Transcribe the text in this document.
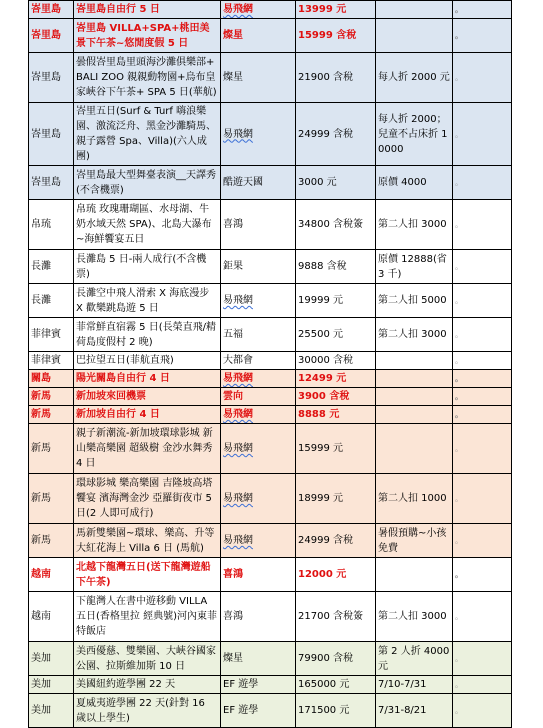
峇里島	峇里島自由行 5 日	易飛網	13999 元		。
峇里島	峇里島 VILLA+SPA+桃田美景下午茶~悠閒度假 5 日	燦星	15999 含稅		。
峇里島	曇假峇里島里頭海沙灘俱樂部+BALI ZOO 親親動物園+烏布皇家峽谷下午茶+ SPA 5 日(華航)	燦星	21900 含稅	每人折 2000 元	。
峇里島	峇里五日(Surf & Turf 嗨浪樂園、激流泛舟、黑金沙灘騎馬、親子露營 Spa、Villa)(六人成團)	易飛網	24999 含稅	每人折 2000；兒童不占床折 10000	。
峇里島	峇里島最大型舞臺表演__天譯秀(不含機票)	酷遊天國	3000 元	原價 4000	。
帛琉	帛琉 玫瑰珊瑚區、水母湖、牛奶水域天然 SPA)、北島大瀑布~海鮮饗宴五日	喜鴻	34800 含稅簽	第二人扣 3000	。
長灘	長灘島 5 日-兩人成行(不含機票)	鉅果	9888 含稅	原價 12888(省 3 千)	。
長灘	長灘空中飛人滑索 X 海底漫步 X 歡樂跳島遊 5 日	易飛網	19999 元	第二人扣 5000	。
菲律賓	菲常鮮直宿霧 5 日(長榮直飛/精荷島度假村 2 晚)	五福	25500 元	第二人扣 3000	。
菲律賓	巴拉望五日(菲航直飛)	大都會	30000 含稅		。
關島	陽光關島自由行 4 日	易飛網	12499 元		。
新馬	新加坡來回機票	雲向	3900 含稅		。
新馬	新加坡自由行 4 日	易飛網	8888 元		。
新馬	親子新潮流-新加坡環球影城 新山樂高樂園 超級樹 金沙水舞秀 4 日	易飛網	15999 元		。
新馬	環球影城 樂高樂園 吉隆坡高塔饗宴 濱海灣金沙 亞羅街夜市 5 日(2 人即可成行)	易飛網	18999 元	第二人扣 1000	。
新馬	馬新雙樂園~環球、樂高、升等大紅花海上 Villa 6 日 (馬航)	易飛網	24999 含稅	暑假預購~小孩免費	。
越南	北越下龍灣五日(送下龍灣遊船下午茶)	喜鴻	12000 元		。
越南	下龍灣人在書中遊移動 VILLA 五日(香格里拉 經典號)河內東菲特飯店	喜鴻	21700 含稅簽	第二人扣 3000	。
美加	美西優慈、雙樂園、大峽谷國家公園、拉斯維加斯 10 日	燦星	79900 含稅	第 2 人折 4000 元	。
美加	美國紐約遊學團 22 天	EF 遊學	165000 元	7/10-7/31	。
美加	夏威夷遊學團 22 天(針對 16 歲以上學生)	EF 遊學	171500 元	7/31-8/21	。
